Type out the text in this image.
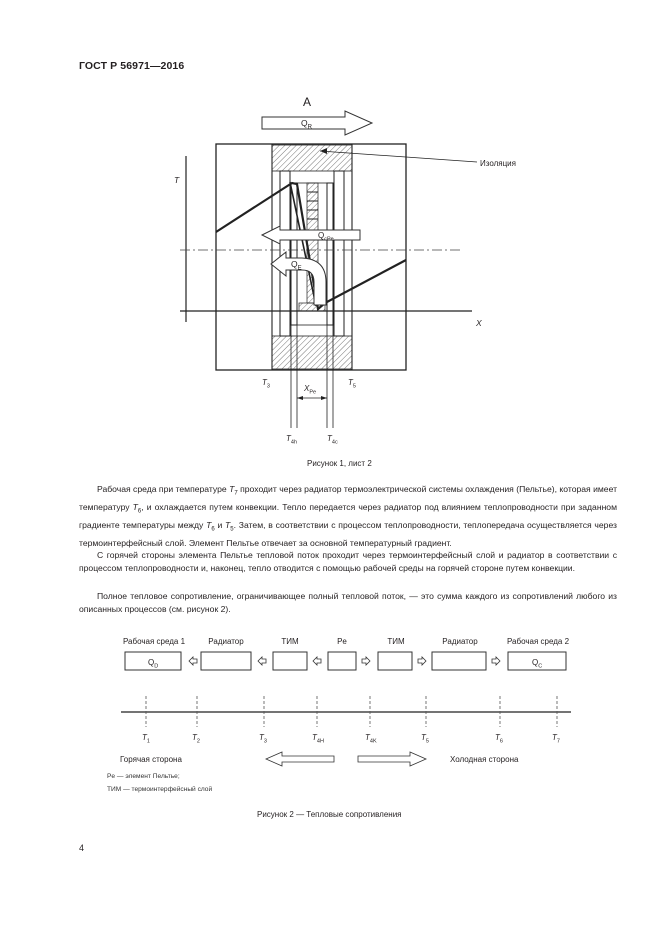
ГОСТ Р 56971—2016
A
$Q_R$
T
X
$Q_{cPe}$
$Q_E$
Изоляция
$T_3$	$T_5$
$X_{Pe}$
$T_{4h}$	$T_{4c}$
Рисунок 1, лист 2
Рабочая среда при температуре $T_7$ проходит через радиатор термоэлектрической системы охлаждения (Пельтье), которая имеет температуру $T_6$, и охлаждается путем конвекции. Тепло передается через радиатор под влиянием теплопроводности при заданном градиенте температуры между $T_6$ и $T_5$. Затем, в соответствии с процессом теплопроводности, теплопередача осуществляется через термоинтерфейсный слой. Элемент Пельтье отвечает за основной температурный градиент.
С горячей стороны элемента Пельтье тепловой поток проходит через термоинтерфейсный слой и радиатор в соответствии с процессом теплопроводности и, наконец, тепло отводится с помощью рабочей среды на горячей стороне путем конвекции.
Полное тепловое сопротивление, ограничивающее полный тепловой поток, — это сумма каждого из сопротивлений любого из описанных процессов (см. рисунок 2).
Рабочая среда 1	Радиатор	ТИМ	Pe	ТИМ	Радиатор	Рабочая среда 2
$Q_D$	$Q_C$
$T_1$	$T_2$	$T_3$	$T_{4H}$	$T_{4K}$	$T_5$	$T_6$	$T_7$
Горячая сторона	Холодная сторона
Рисунок 2 — Тепловые сопротивления
Pe — элемент Пельтье;
ТИМ — термоинтерфейсный слой
4
